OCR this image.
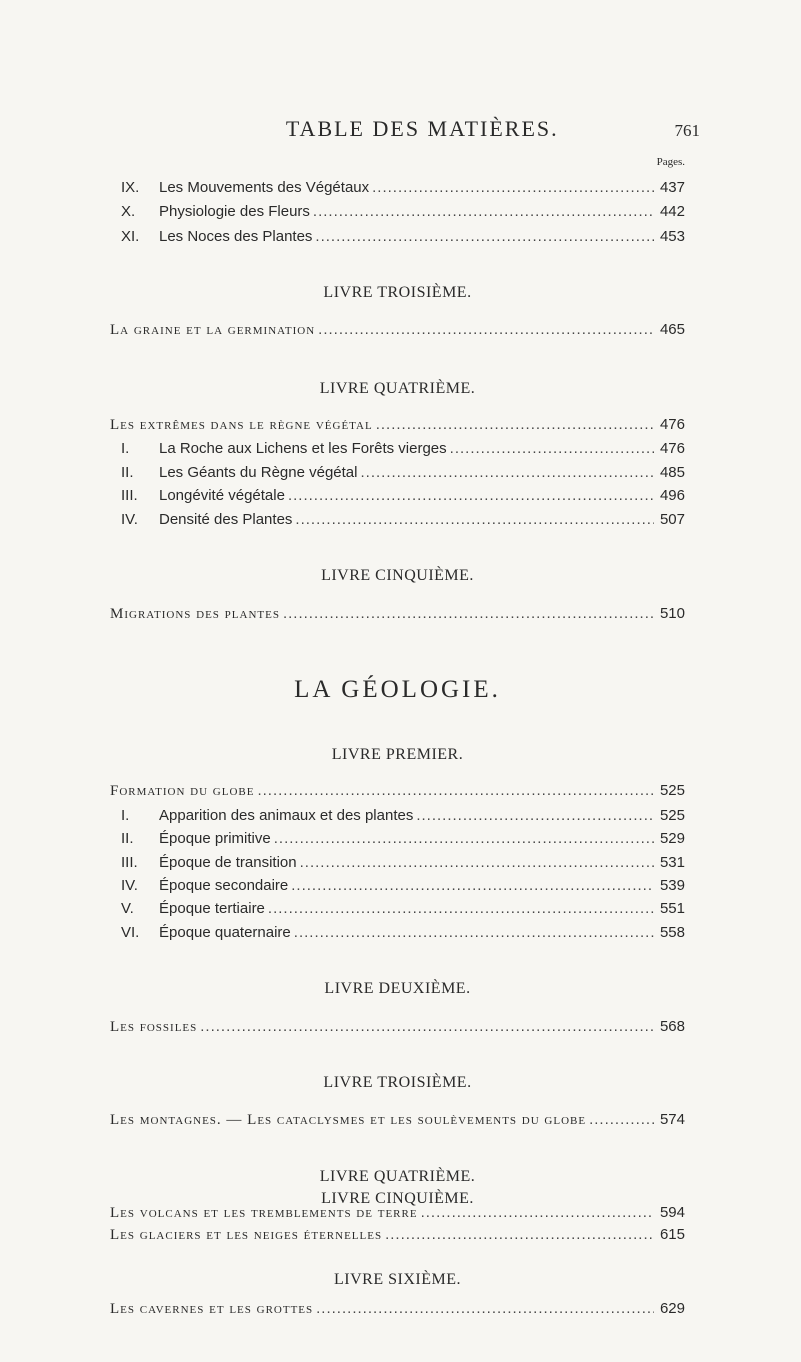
TABLE DES MATIÈRES.	761
Pages.
IX.	Les Mouvements des Végétaux .....	437
X.	Physiologie des Fleurs .....	442
XI.	Les Noces des Plantes .....	453
LIVRE TROISIÈME.
La graine et la germination .....	465
LIVRE QUATRIÈME.
Les extrêmes dans le règne végétal .....	476
I.	La Roche aux Lichens et les Forêts vierges .....	476
II.	Les Géants du Règne végétal .....	485
III.	Longévité végétale .....	496
IV.	Densité des Plantes .....	507
LIVRE CINQUIÈME.
Migrations des plantes .....	510
LA GÉOLOGIE.
LIVRE PREMIER.
Formation du globe .....	525
I.	Apparition des animaux et des plantes .....	525
II.	Époque primitive .....	529
III.	Époque de transition .....	531
IV.	Époque secondaire .....	539
V.	Époque tertiaire .....	551
VI.	Époque quaternaire .....	558
LIVRE DEUXIÈME.
Les fossiles .....	568
LIVRE TROISIÈME.
Les montagnes. — Les cataclysmes et les soulèvements du globe .....	574
LIVRE QUATRIÈME.
Les volcans et les tremblements de terre .....	594
LIVRE CINQUIÈME.
Les glaciers et les neiges éternelles .....	615
LIVRE SIXIÈME.
Les cavernes et les grottes .....	629
